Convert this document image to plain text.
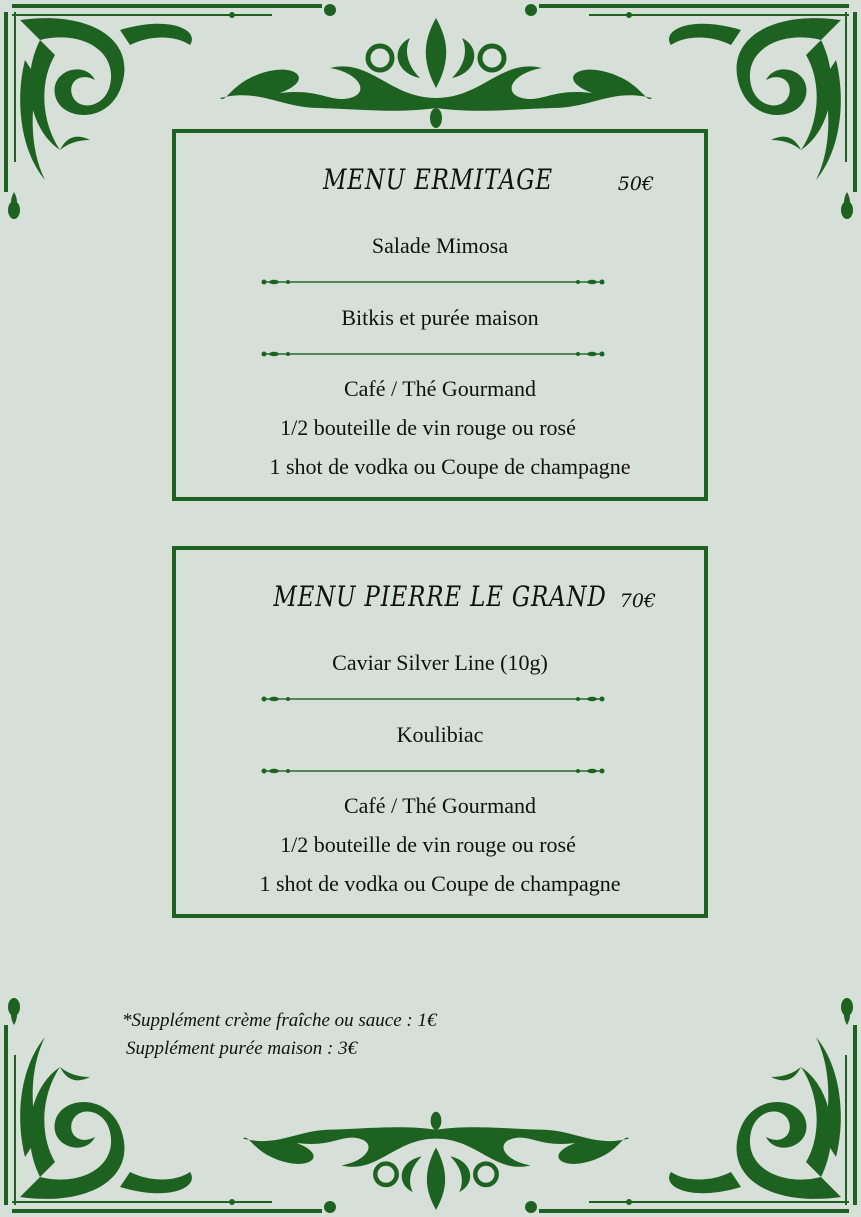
MENU ERMITAGE	50€
Salade Mimosa
Bitkis et purée maison
Café / Thé Gourmand
1/2 bouteille de vin rouge ou rosé
1 shot de vodka ou Coupe de champagne
MENU PIERRE LE GRAND 70€
Caviar Silver Line (10g)
Koulibiac
Café / Thé Gourmand
1/2 bouteille de vin rouge ou rosé
1 shot de vodka ou Coupe de champagne
*Supplément crème fraîche ou sauce : 1€
Supplément purée maison : 3€
